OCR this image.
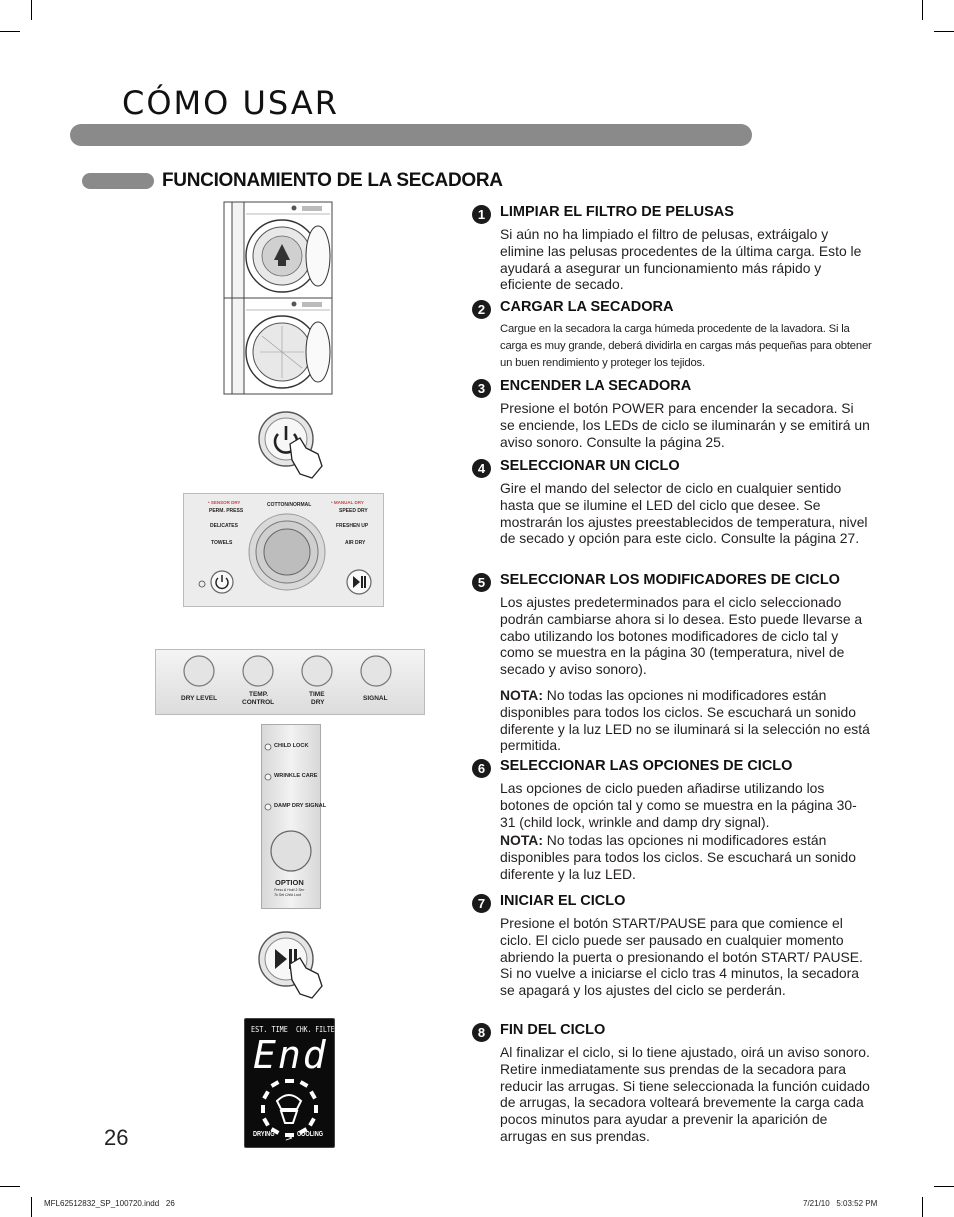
CÓMO USAR
FUNCIONAMIENTO DE LA SECADORA
• SENSOR DRY	• MANUAL DRY
COTTON/NORMAL
PERM. PRESS
DELICATES
TOWELS
SPEED DRY
FRESHEN UP
AIR DRY
DRY LEVEL
TEMP.
CONTROL
TIME
DRY
SIGNAL
CHILD LOCK
WRINKLE CARE
DAMP DRY SIGNAL
OPTION
Press & Hold 3 Sec
To Set Child Lock
EST. TIME CHK. FILTER
End
>
DRYING	COOLING
1	LIMPIAR EL FILTRO DE PELUSAS
Si aún no ha limpiado el filtro de pelusas, extráigalo y elimine las pelusas procedentes de la última carga. Esto le ayudará a asegurar un funcionamiento más rápido y eficiente de secado.
2	CARGAR LA SECADORA
Cargue en la secadora la carga húmeda procedente de la lavadora. Si la carga es muy grande, deberá dividirla en cargas más pequeñas para obtener un buen rendimiento y proteger los tejidos.
3	ENCENDER LA SECADORA
Presione el botón POWER para encender la secadora. Si se enciende, los LEDs de ciclo se iluminarán y se emitirá un aviso sonoro. Consulte la página 25.
4	SELECCIONAR UN CICLO
Gire el mando del selector de ciclo en cualquier sentido hasta que se ilumine el LED del ciclo que desee. Se mostrarán los ajustes preestablecidos de temperatura, nivel de secado y opción para este ciclo. Consulte la página 27.
5	SELECCIONAR LOS MODIFICADORES DE CICLO
Los ajustes predeterminados para el ciclo seleccionado podrán cambiarse ahora si lo desea. Esto puede llevarse a cabo utilizando los botones modificadores de ciclo tal y como se muestra en la página 30 (temperatura, nivel de secado y aviso sonoro).
NOTA: No todas las opciones ni modificadores están disponibles para todos los ciclos. Se escuchará un sonido diferente y la luz LED no se iluminará si la selección no está permitida.
6	SELECCIONAR LAS OPCIONES DE CICLO
Las opciones de ciclo pueden añadirse utilizando los botones de opción tal y como se muestra en la página 30-31 (child lock, wrinkle and damp dry signal).
NOTA: No todas las opciones ni modificadores están disponibles para todos los ciclos. Se escuchará un sonido diferente y la luz LED.
7	INICIAR EL CICLO
Presione el botón START/PAUSE para que comience el ciclo. El ciclo puede ser pausado en cualquier momento abriendo la puerta o presionando el botón START/ PAUSE. Si no vuelve a iniciarse el ciclo tras 4 minutos, la secadora se apagará y los ajustes del ciclo se perderán.
8	FIN DEL CICLO
Al finalizar el ciclo, si lo tiene ajustado, oirá un aviso sonoro. Retire inmediatamente sus prendas de la secadora para reducir las arrugas. Si tiene seleccionada la función cuidado de arrugas, la secadora volteará brevemente la carga cada pocos minutos para ayudar a prevenir la aparición de arrugas en sus prendas.
26
MFL62512832_SP_100720.indd   26	7/21/10   5:03:52 PM
